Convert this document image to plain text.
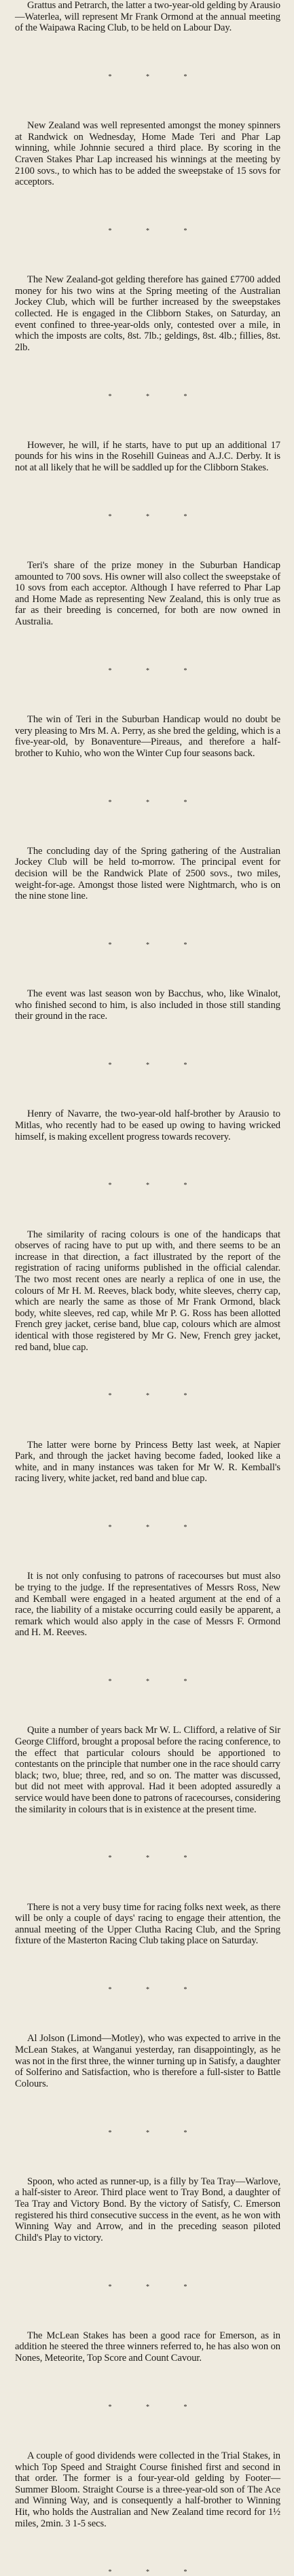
Grattus and Petrarch, the latter a two-year-old gelding by Arausio—Waterlea, will represent Mr Frank Ormond at the annual meeting of the Waipawa Racing Club, to be held on Labour Day.

* * *

New Zealand was well represented amongst the money spinners at Randwick on Wednesday, Home Made Teri and Phar Lap winning, while Johnnie secured a third place. By scoring in the Craven Stakes Phar Lap increased his winnings at the meeting by 2100 sovs., to which has to be added the sweepstake of 15 sovs for acceptors.

* * *

The New Zealand-got gelding therefore has gained £7700 added money for his two wins at the Spring meeting of the Australian Jockey Club, which will be further increased by the sweepstakes collected. He is engaged in the Clibborn Stakes, on Saturday, an event confined to three-year-olds only, contested over a mile, in which the imposts are colts, 8st. 7lb.; geldings, 8st. 4lb.; fillies, 8st. 2lb.

* * *

However, he will, if he starts, have to put up an additional 17 pounds for his wins in the Rosehill Guineas and A.J.C. Derby. It is not at all likely that he will be saddled up for the Clibborn Stakes.

* * *

Teri's share of the prize money in the Suburban Handicap amounted to 700 sovs. His owner will also collect the sweepstake of 10 sovs from each acceptor. Although I have referred to Phar Lap and Home Made as representing New Zealand, this is only true as far as their breeding is concerned, for both are now owned in Australia.

* * *

The win of Teri in the Suburban Handicap would no doubt be very pleasing to Mrs M. A. Perry, as she bred the gelding, which is a five-year-old, by Bonaventure—Pireaus, and therefore a half-brother to Kuhio, who won the Winter Cup four seasons back.

* * *

The concluding day of the Spring gathering of the Australian Jockey Club will be held to-morrow. The principal event for decision will be the Randwick Plate of 2500 sovs., two miles, weight-for-age. Amongst those listed were Nightmarch, who is on the nine stone line.

* * *

The event was last season won by Bacchus, who, like Winalot, who finished second to him, is also included in those still standing their ground in the race.

* * *

Henry of Navarre, the two-year-old half-brother by Arausio to Mitlas, who recently had to be eased up owing to having wricked himself, is making excellent progress towards recovery.

* * *

The similarity of racing colours is one of the handicaps that observes of racing have to put up with, and there seems to be an increase in that direction, a fact illustrated by the report of the registration of racing uniforms published in the official calendar. The two most recent ones are nearly a replica of one in use, the colours of Mr H. M. Reeves, black body, white sleeves, cherry cap, which are nearly the same as those of Mr Frank Ormond, black body, white sleeves, red cap, while Mr P. G. Ross has been allotted French grey jacket, cerise band, blue cap, colours which are almost identical with those registered by Mr G. New, French grey jacket, red band, blue cap.

* * *

The latter were borne by Princess Betty last week, at Napier Park, and through the jacket having become faded, looked like a white, and in many instances was taken for Mr W. R. Kemball's racing livery, white jacket, red band and blue cap.

* * *

It is not only confusing to patrons of racecourses but must also be trying to the judge. If the representatives of Messrs Ross, New and Kemball were engaged in a heated argument at the end of a race, the liability of a mistake occurring could easily be apparent, a remark which would also apply in the case of Messrs F. Ormond and H. M. Reeves.

* * *

Quite a number of years back Mr W. L. Clifford, a relative of Sir George Clifford, brought a proposal before the racing conference, to the effect that particular colours should be apportioned to contestants on the principle that number one in the race should carry black; two, blue; three, red, and so on. The matter was discussed, but did not meet with approval. Had it been adopted assuredly a service would have been done to patrons of racecourses, considering the similarity in colours that is in existence at the present time.

* * *

There is not a very busy time for racing folks next week, as there will be only a couple of days' racing to engage their attention, the annual meeting of the Upper Clutha Racing Club, and the Spring fixture of the Masterton Racing Club taking place on Saturday.

* * *

Al Jolson (Limond—Motley), who was expected to arrive in the McLean Stakes, at Wanganui yesterday, ran disappointingly, as he was not in the first three, the winner turning up in Satisfy, a daughter of Solferino and Satisfaction, who is therefore a full-sister to Battle Colours.

* * *

Spoon, who acted as runner-up, is a filly by Tea Tray—Warlove, a half-sister to Areor. Third place went to Tray Bond, a daughter of Tea Tray and Victory Bond. By the victory of Satisfy, C. Emerson registered his third consecutive success in the event, as he won with Winning Way and Arrow, and in the preceding season piloted Child's Play to victory.

* * *

The McLean Stakes has been a good race for Emerson, as in addition he steered the three winners referred to, he has also won on Nones, Meteorite, Top Score and Count Cavour.

* * *

A couple of good dividends were collected in the Trial Stakes, in which Top Speed and Straight Course finished first and second in that order. The former is a four-year-old gelding by Footer—Summer Bloom. Straight Course is a three-year-old son of The Ace and Winning Way, and is consequently a half-brother to Winning Hit, who holds the Australian and New Zealand time record for 1½ miles, 2min. 3 1-5 secs.

* * *
